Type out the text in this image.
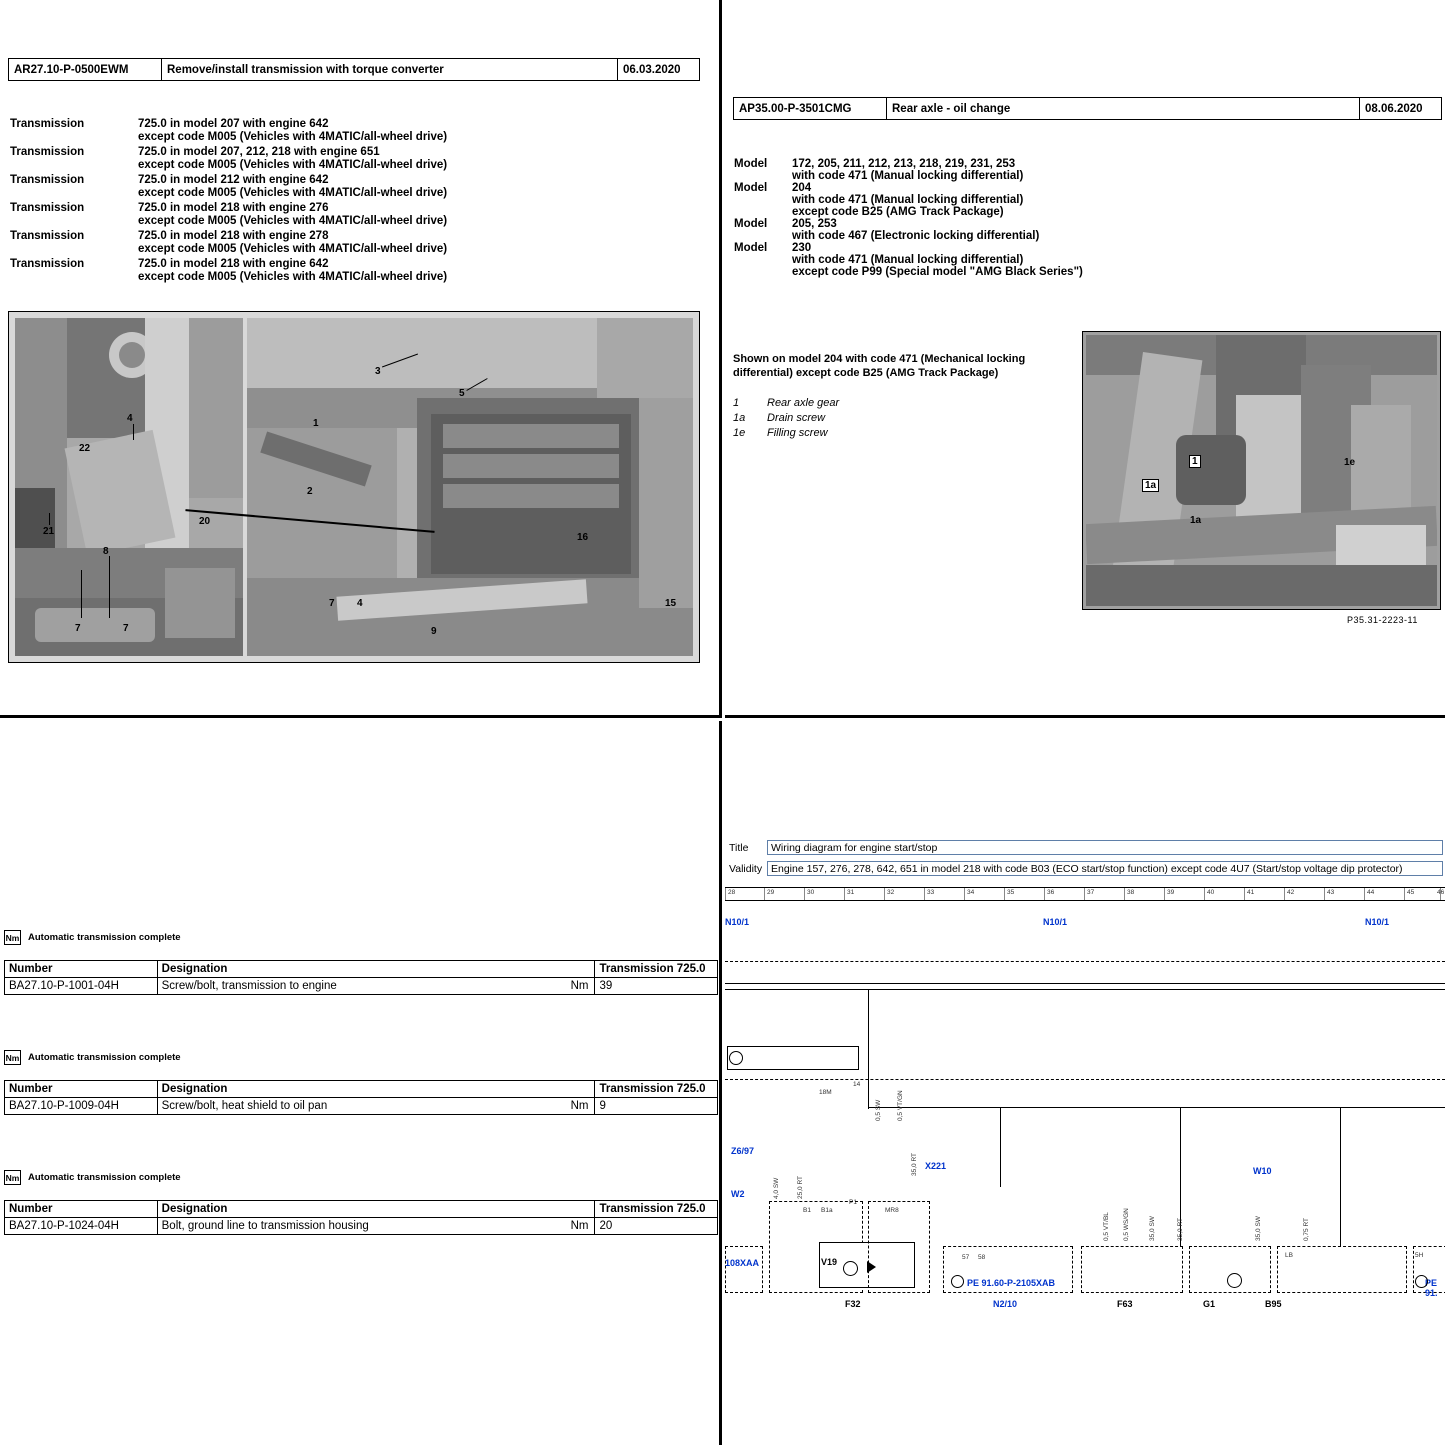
AR27.10-P-0500EWM	Remove/install transmission with torque converter	06.03.2020
Transmission	725.0 in model 207 with engine 642
except code M005 (Vehicles with 4MATIC/all-wheel drive)
Transmission	725.0 in model 207, 212, 218 with engine 651
except code M005 (Vehicles with 4MATIC/all-wheel drive)
Transmission	725.0 in model 212 with engine 642
except code M005 (Vehicles with 4MATIC/all-wheel drive)
Transmission	725.0 in model 218 with engine 276
except code M005 (Vehicles with 4MATIC/all-wheel drive)
Transmission	725.0 in model 218 with engine 278
except code M005 (Vehicles with 4MATIC/all-wheel drive)
Transmission	725.0 in model 218 with engine 642
except code M005 (Vehicles with 4MATIC/all-wheel drive)
4
22
21
8
7	7
20
3
5
1
2
16
4
9
15
7
AP35.00-P-3501CMG	Rear axle - oil change	08.06.2020
Model	172, 205, 211, 212, 213, 218, 219, 231, 253
with code 471 (Manual locking differential)
Model	204
with code 471 (Manual locking differential)
except code B25 (AMG Track Package)
Model	205, 253
with code 467 (Electronic locking differential)
Model	230
with code 471 (Manual locking differential)
except code P99 (Special model "AMG Black Series")
Shown on model 204 with code 471 (Mechanical locking differential) except code B25 (AMG Track Package)
1	Rear axle gear
1a	Drain screw
1e	Filling screw
1	1e
1a
1a
P35.31-2223-11
Nm Automatic transmission complete
Number	Designation	Transmission 725.0
BA27.10-P-1001-04H	Screw/bolt, transmission to engine Nm	39
Nm Automatic transmission complete
Number	Designation	Transmission 725.0
BA27.10-P-1009-04H	Screw/bolt, heat shield to oil pan Nm	9
Nm Automatic transmission complete
Number	Designation	Transmission 725.0
BA27.10-P-1024-04H	Bolt, ground line to transmission housing Nm	20
Title	Wiring diagram for engine start/stop
Validity Engine 157, 276, 278, 642, 651 in model 218 with code B03 (ECO start/stop function) except code 4U7 (Start/stop voltage dip protector)
28	29	30	31	32	33	34	35	36	37	38	39	40	41	42	43	44	45	46
N10/1	N10/1	N10/1
18M
14
0,5 SW 0,5 VT/GN
Z6/97
4,0 SW	25,0 RT
W2
X221	W10
B1 B1a
P1
MR8
0,5 VT/BL 0,5 WS/GN	35,0 SW	35,0 RT	35,0 SW	0,75 RT
35,0 RT
LB	5H
57 58
V19
F32	N2/10	F63	G1	B95
108XAA
PE 91.60-P-2105XAB	PE 91.
